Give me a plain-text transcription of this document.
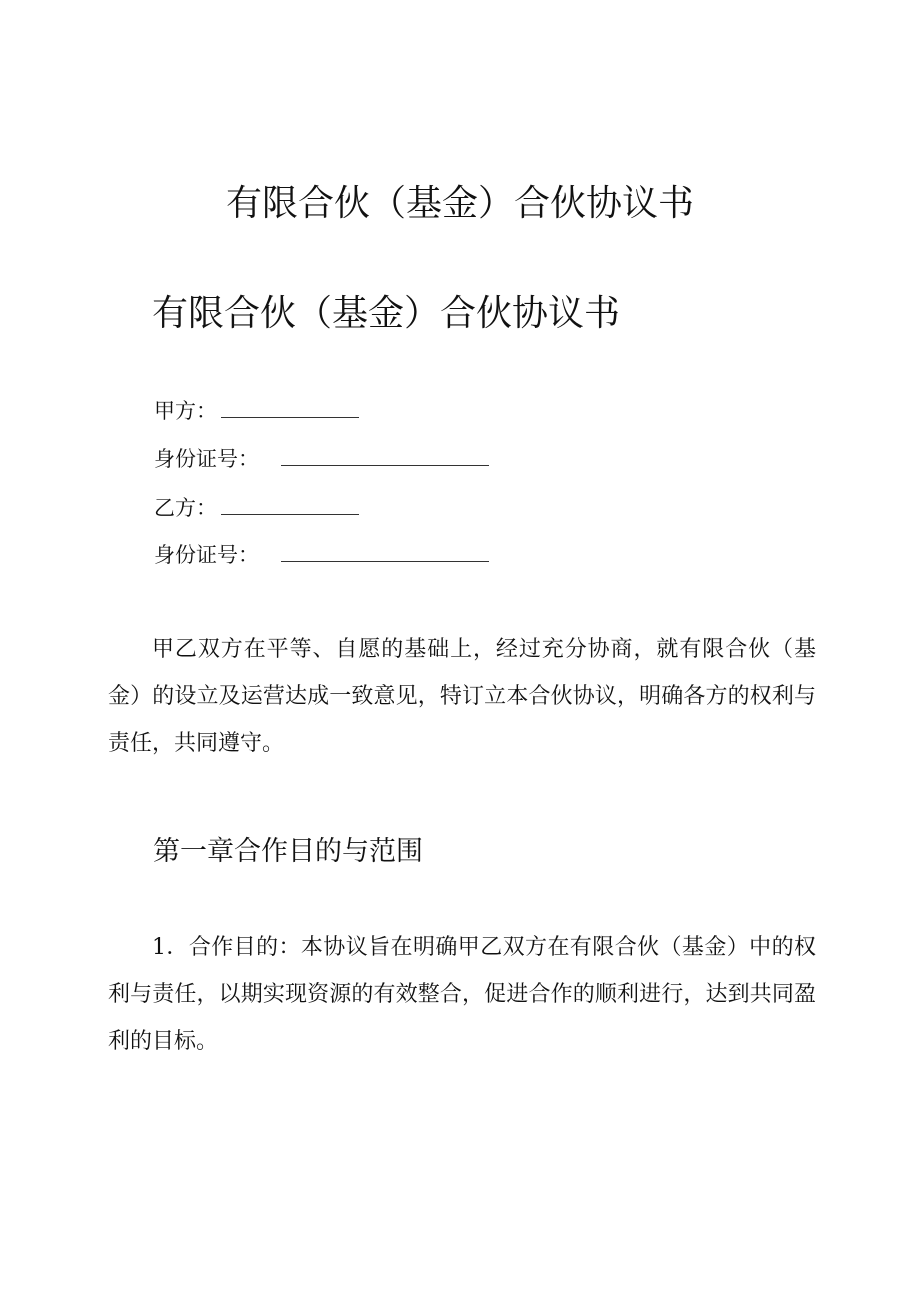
有限合伙（基金）合伙协议书
有限合伙（基金）合伙协议书
甲方：
身份证号：
乙方：
身份证号：

甲乙双方在平等、自愿的基础上，经过充分协商，就有限合伙（基金）的设立及运营达成一致意见，特订立本合伙协议，明确各方的权利与责任，共同遵守。

第一章合作目的与范围

1．合作目的：本协议旨在明确甲乙双方在有限合伙（基金）中的权利与责任，以期实现资源的有效整合，促进合作的顺利进行，达到共同盈利的目标。
